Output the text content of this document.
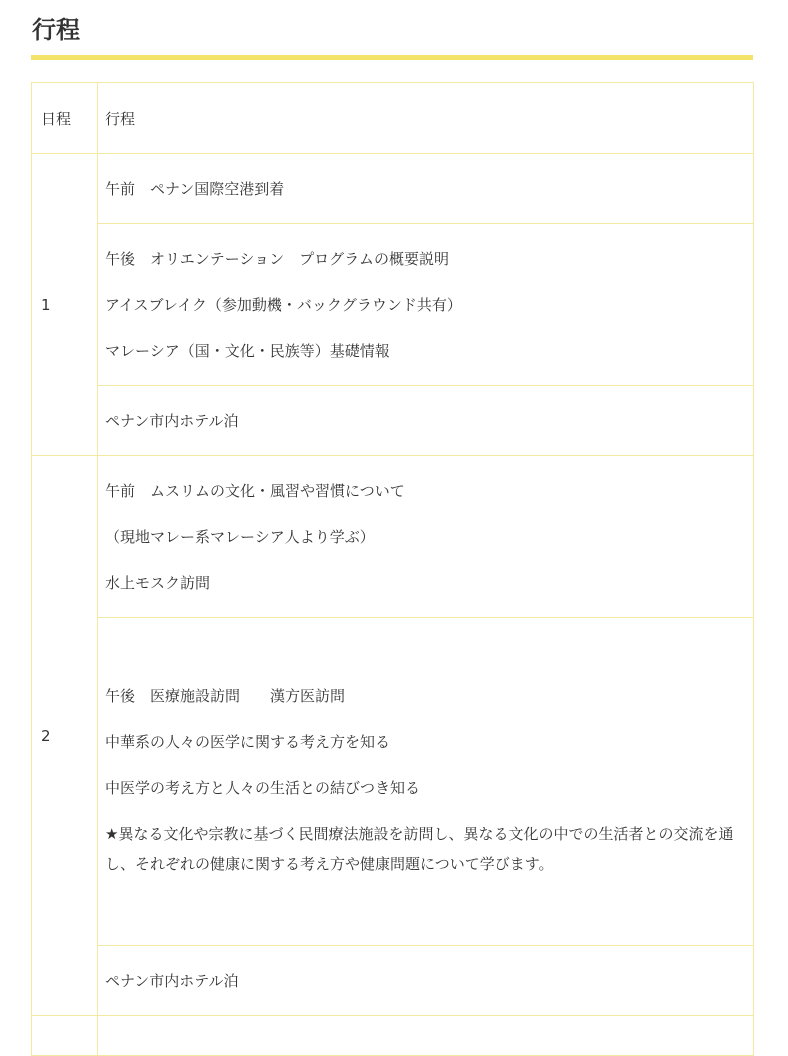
行程
日程	行程

1	午前　ペナン国際空港到着

	午後　オリエンテーション　プログラムの概要説明

アイスブレイク（参加動機・バックグラウンド共有）

マレーシア（国・文化・民族等）基礎情報

	ペナン市内ホテル泊

2	午前　ムスリムの文化・風習や習慣について

（現地マレー系マレーシア人より学ぶ）

水上モスク訪問

	午後　医療施設訪問　　漢方医訪問

中華系の人々の医学に関する考え方を知る

中医学の考え方と人々の生活との結びつき知る

★異なる文化や宗教に基づく民間療法施設を訪問し、異なる文化の中での生活者との交流を通し、それぞれの健康に関する考え方や健康問題について学びます。

	ペナン市内ホテル泊
